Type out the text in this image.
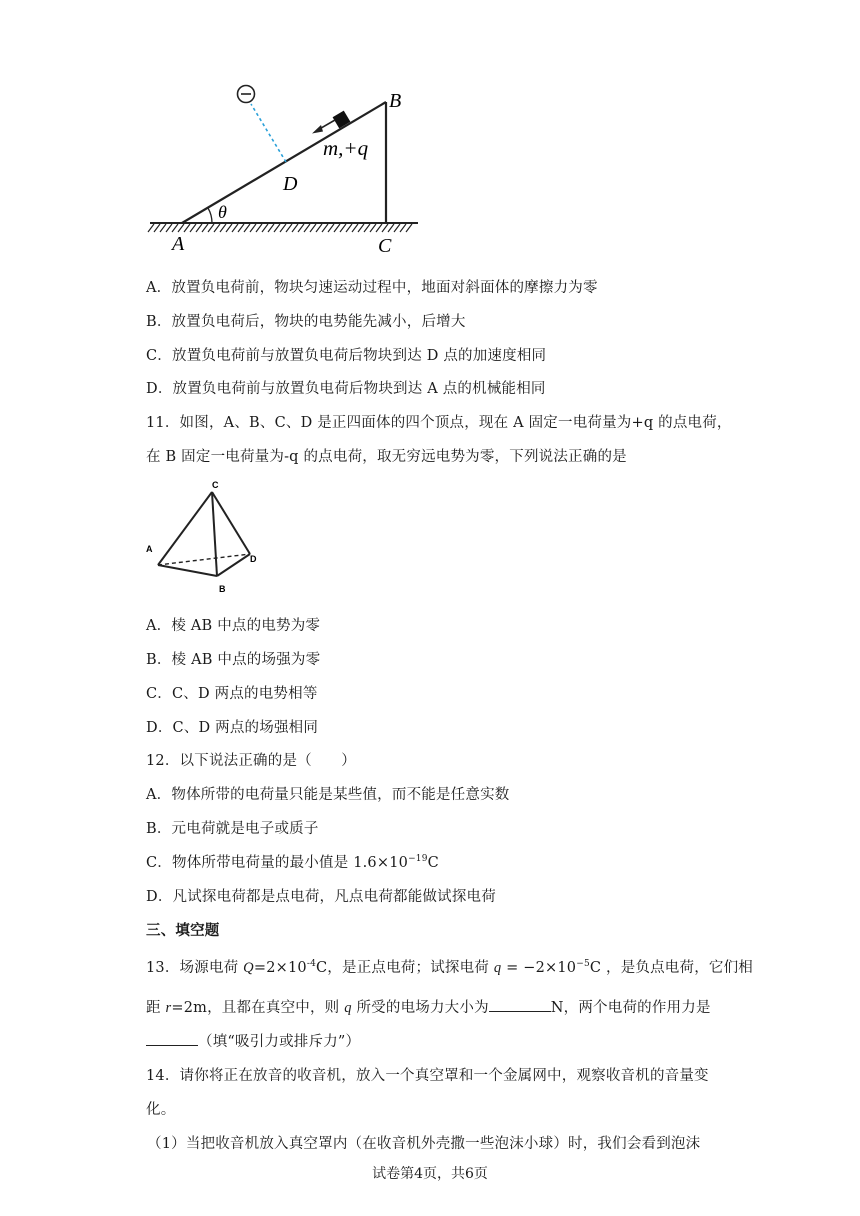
B
m,+q
D
θ
A	C
A．放置负电荷前，物块匀速运动过程中，地面对斜面体的摩擦力为零
B．放置负电荷后，物块的电势能先减小，后增大
C．放置负电荷前与放置负电荷后物块到达 D 点的加速度相同
D．放置负电荷前与放置负电荷后物块到达 A 点的机械能相同
11．如图，A、B、C、D 是正四面体的四个顶点，现在 A 固定一电荷量为+q 的点电荷，
在 B 固定一电荷量为-q 的点电荷，取无穷远电势为零，下列说法正确的是
C
A
D
B
A．棱 AB 中点的电势为零
B．棱 AB 中点的场强为零
C．C、D 两点的电势相等
D．C、D 两点的场强相同
12．以下说法正确的是（　　）
A．物体所带的电荷量只能是某些值，而不能是任意实数
B．元电荷就是电子或质子
C．物体所带电荷量的最小值是 $1.6\times 10^{-19}C$
D．凡试探电荷都是点电荷，凡点电荷都能做试探电荷
三、填空题
13．场源电荷 $Q=2\times 10^{-4}C$，是正点电荷；试探电荷 $q = -2\times 10^{-5}C$ ，是负点电荷，它们相
距 r=2m，且都在真空中，则 q 所受的电场力大小为	N，两个电荷的作用力是
（填“吸引力或排斥力”）
14．请你将正在放音的收音机，放入一个真空罩和一个金属网中，观察收音机的音量变
化。
（1）当把收音机放入真空罩内（在收音机外壳撒一些泡沫小球）时，我们会看到泡沫
试卷第4页，共6页
